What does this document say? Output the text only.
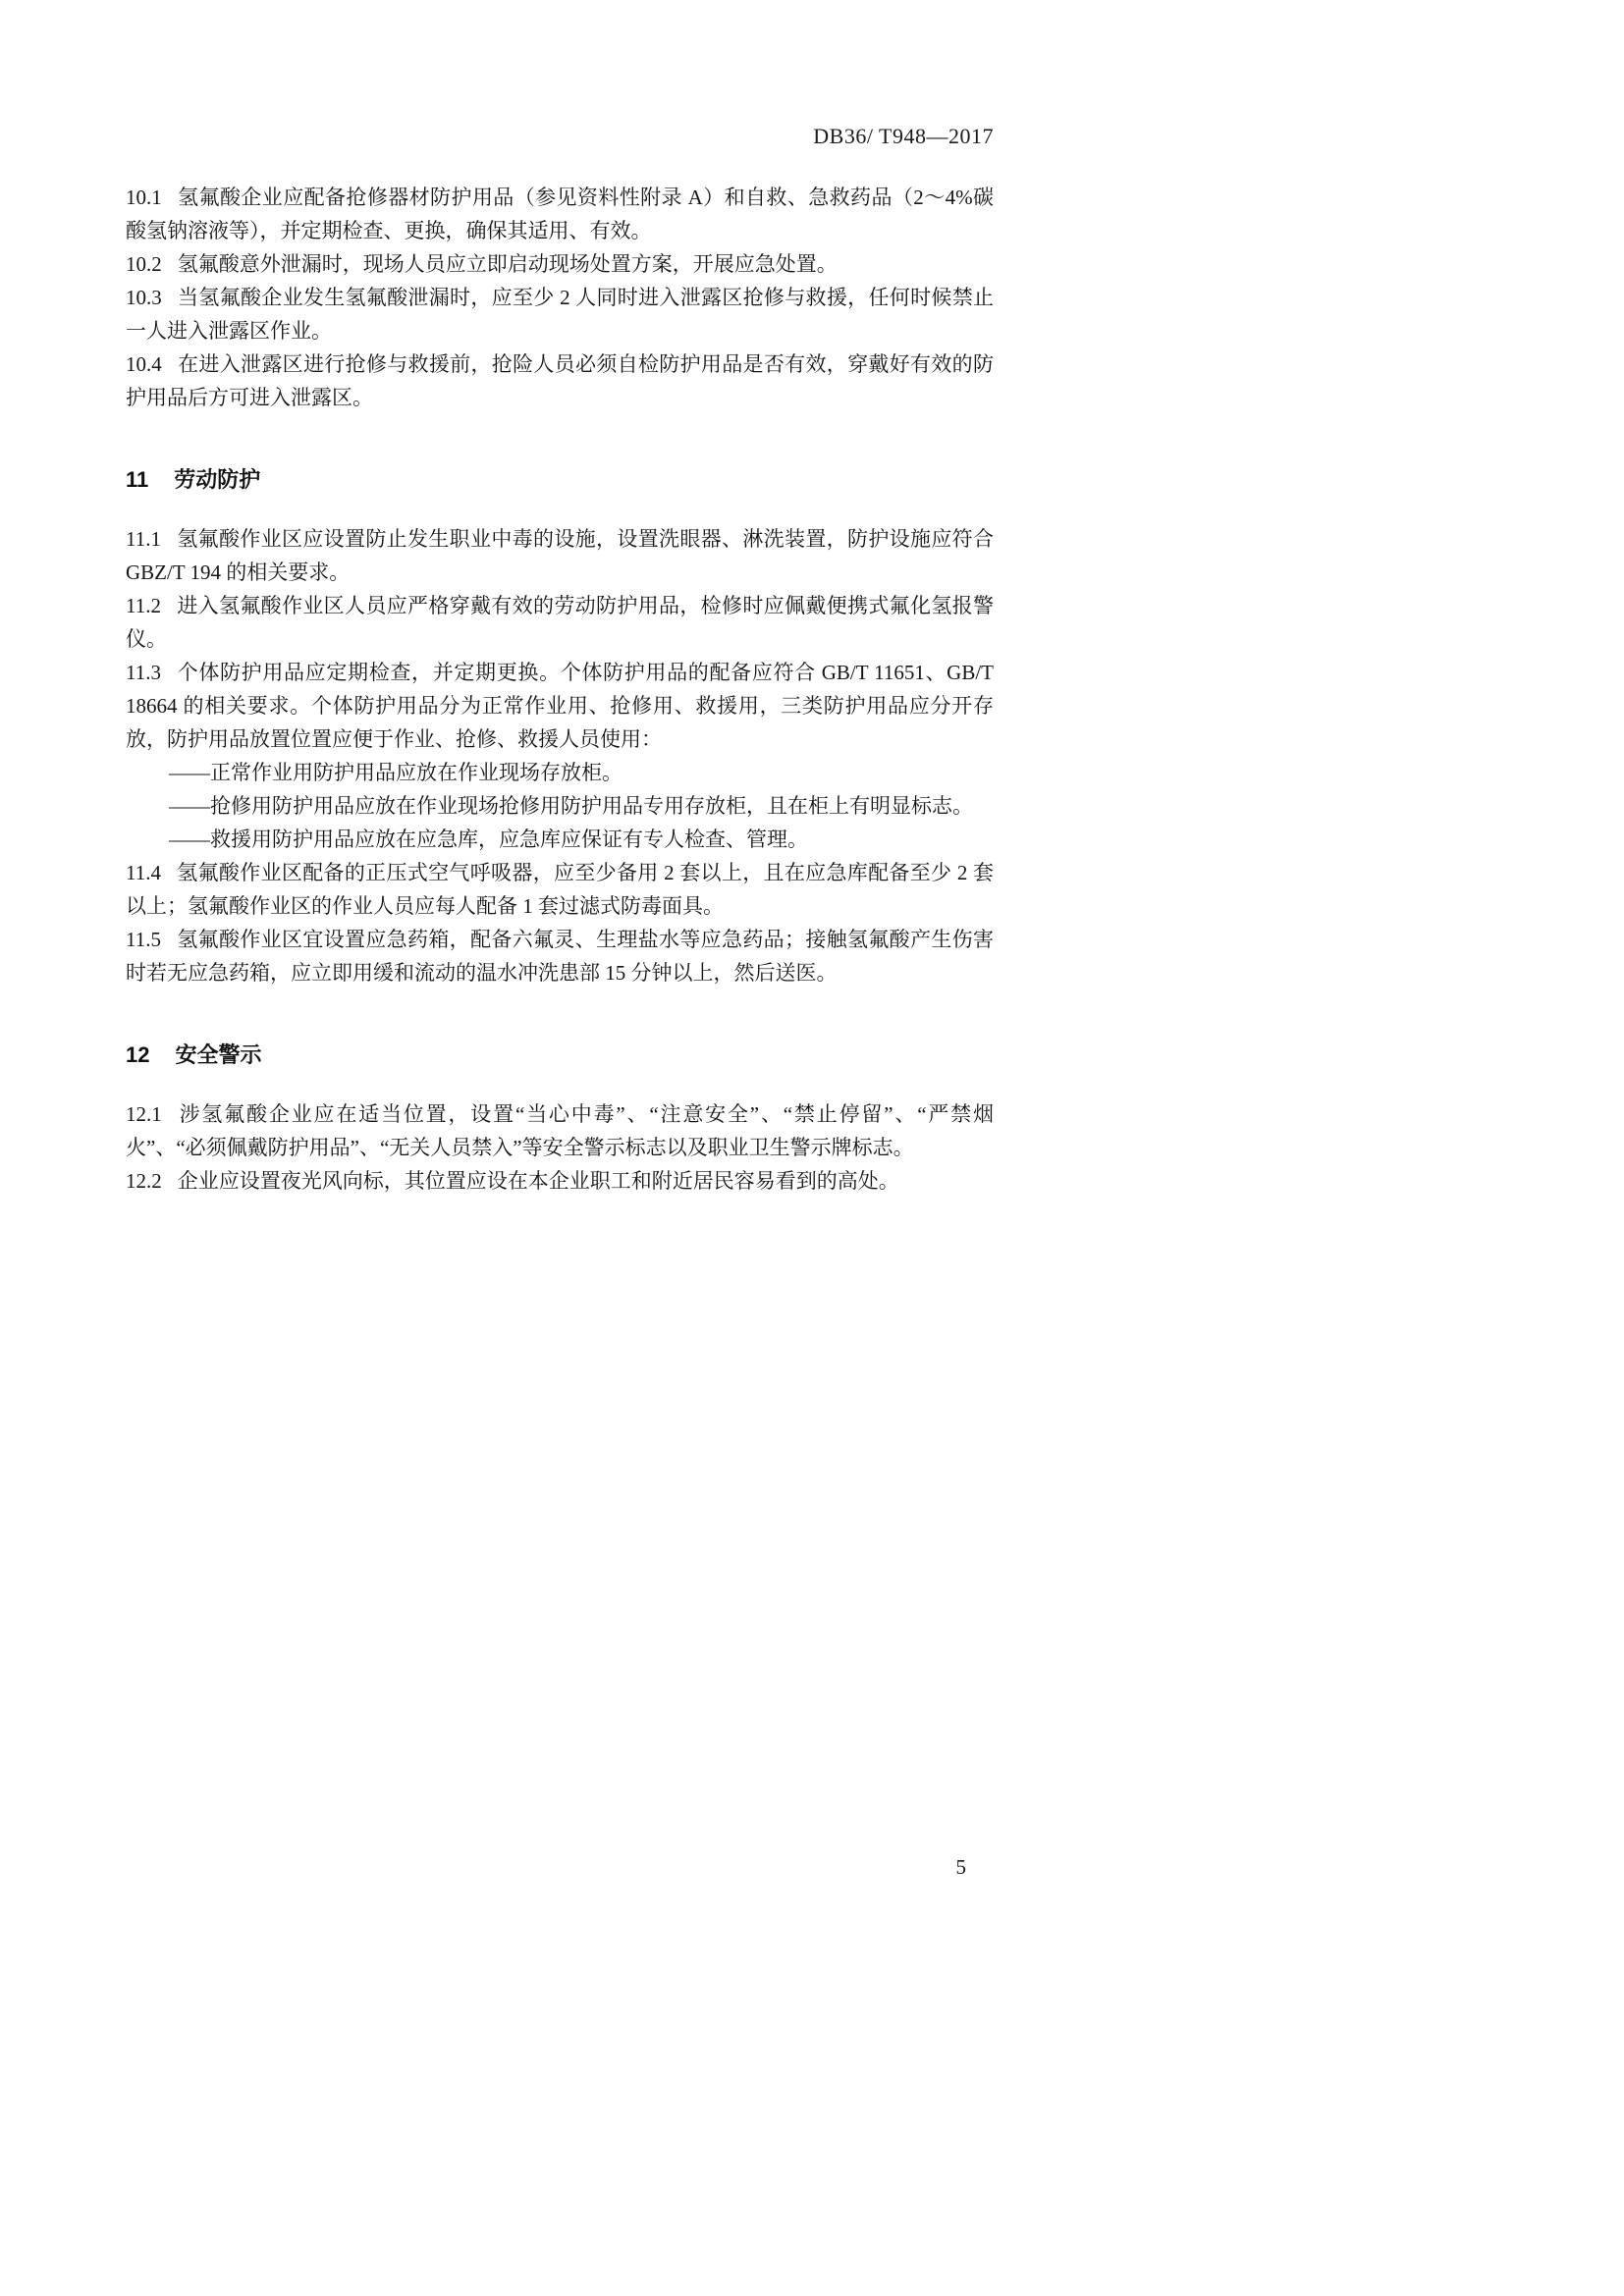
DB36/ T948—2017

10.1 氢氟酸企业应配备抢修器材防护用品（参见资料性附录 A）和自救、急救药品（2～4%碳酸氢钠溶液等），并定期检查、更换，确保其适用、有效。

10.2 氢氟酸意外泄漏时，现场人员应立即启动现场处置方案，开展应急处置。

10.3 当氢氟酸企业发生氢氟酸泄漏时，应至少 2 人同时进入泄露区抢修与救援，任何时候禁止一人进入泄露区作业。

10.4 在进入泄露区进行抢修与救援前，抢险人员必须自检防护用品是否有效，穿戴好有效的防护用品后方可进入泄露区。

11 劳动防护

11.1 氢氟酸作业区应设置防止发生职业中毒的设施，设置洗眼器、淋洗装置，防护设施应符合 GBZ/T 194 的相关要求。

11.2 进入氢氟酸作业区人员应严格穿戴有效的劳动防护用品，检修时应佩戴便携式氟化氢报警仪。

11.3 个体防护用品应定期检查，并定期更换。个体防护用品的配备应符合 GB/T 11651、GB/T 18664 的相关要求。个体防护用品分为正常作业用、抢修用、救援用，三类防护用品应分开存放，防护用品放置位置应便于作业、抢修、救援人员使用：

——正常作业用防护用品应放在作业现场存放柜。

——抢修用防护用品应放在作业现场抢修用防护用品专用存放柜，且在柜上有明显标志。

——救援用防护用品应放在应急库，应急库应保证有专人检查、管理。

11.4 氢氟酸作业区配备的正压式空气呼吸器，应至少备用 2 套以上，且在应急库配备至少 2 套以上；氢氟酸作业区的作业人员应每人配备 1 套过滤式防毒面具。

11.5 氢氟酸作业区宜设置应急药箱，配备六氟灵、生理盐水等应急药品；接触氢氟酸产生伤害时若无应急药箱，应立即用缓和流动的温水冲洗患部 15 分钟以上，然后送医。

12 安全警示

12.1 涉氢氟酸企业应在适当位置，设置“当心中毒”、“注意安全”、“禁止停留”、“严禁烟火”、“必须佩戴防护用品”、“无关人员禁入”等安全警示标志以及职业卫生警示牌标志。

12.2 企业应设置夜光风向标，其位置应设在本企业职工和附近居民容易看到的高处。

5
